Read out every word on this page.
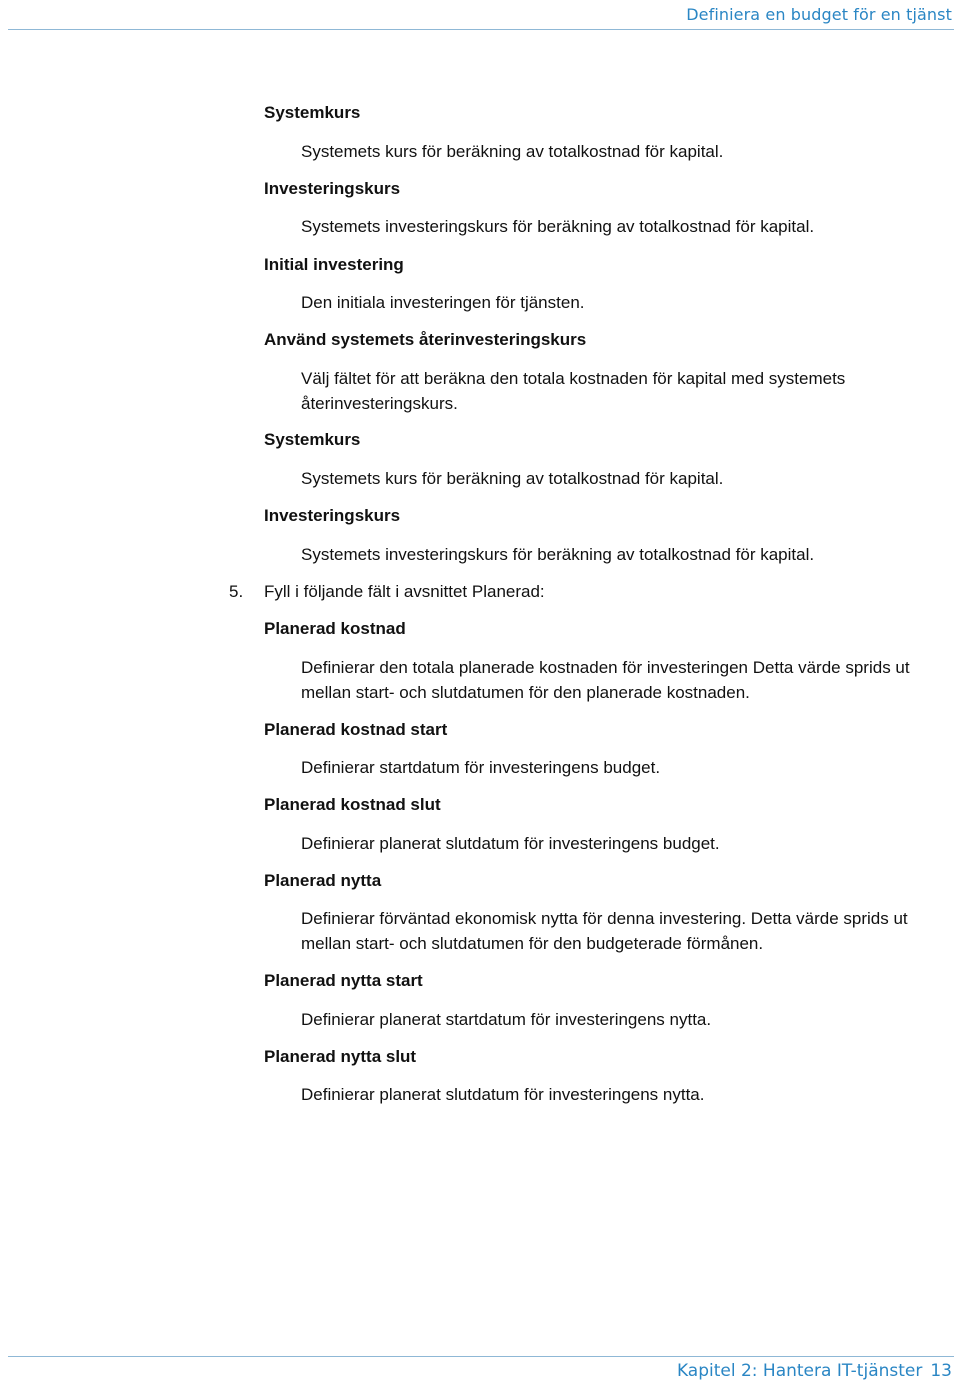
Definiera en budget för en tjänst
Systemkurs
Systemets kurs för beräkning av totalkostnad för kapital.
Investeringskurs
Systemets investeringskurs för beräkning av totalkostnad för kapital.
Initial investering
Den initiala investeringen för tjänsten.
Använd systemets återinvesteringskurs
Välj fältet för att beräkna den totala kostnaden för kapital med systemets återinvesteringskurs.
Systemkurs
Systemets kurs för beräkning av totalkostnad för kapital.
Investeringskurs
Systemets investeringskurs för beräkning av totalkostnad för kapital.
5. Fyll i följande fält i avsnittet Planerad:
Planerad kostnad
Definierar den totala planerade kostnaden för investeringen Detta värde sprids ut mellan start- och slutdatumen för den planerade kostnaden.
Planerad kostnad start
Definierar startdatum för investeringens budget.
Planerad kostnad slut
Definierar planerat slutdatum för investeringens budget.
Planerad nytta
Definierar förväntad ekonomisk nytta för denna investering. Detta värde sprids ut mellan start- och slutdatumen för den budgeterade förmånen.
Planerad nytta start
Definierar planerat startdatum för investeringens nytta.
Planerad nytta slut
Definierar planerat slutdatum för investeringens nytta.
Kapitel 2: Hantera IT-tjänster 13
